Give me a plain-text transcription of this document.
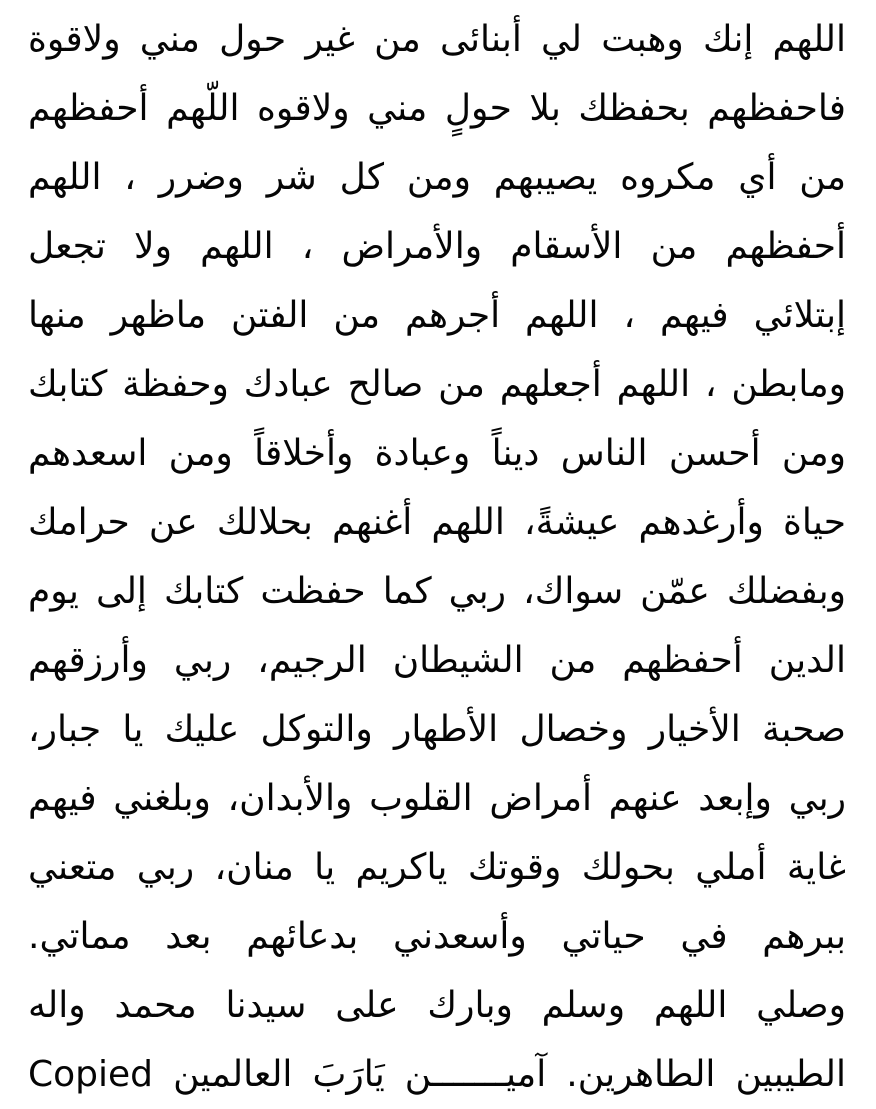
اللهم إنك وهبت لي أبنائى من غير حول مني ولاقوة
فاحفظهم بحفظك بلا حولٍ مني ولاقوه اللّهم أحفظهم
من أي مكروه يصيبهم ومن كل شر وضرر ، اللهم
أحفظهم من الأسقام والأمراض ، اللهم ولا تجعل
إبتلائي فيهم ، اللهم أجرهم من الفتن ماظهر منها
ومابطن ، اللهم أجعلهم من صالح عبادك وحفظة كتابك
ومن أحسن الناس ديناً وعبادة وأخلاقاً ومن اسعدهم
حياة وأرغدهم عيشةً، اللهم أغنهم بحلالك عن حرامك
وبفضلك عمّن سواك، ربي كما حفظت كتابك إلى يوم
الدين أحفظهم من الشيطان الرجيم، ربي وأرزقهم
صحبة الأخيار وخصال الأطهار والتوكل عليك يا جبار،
ربي وإبعد عنهم أمراض القلوب والأبدان، وبلغني فيهم
غاية أملي بحولك وقوتك ياكريم يا منان، ربي متعني
ببرهم في حياتي وأسعدني بدعائهم بعد مماتي.
وصلي اللهم وسلم وبارك على سيدنا محمد واله
الطيبين الطاهرين. آميـــــــن يَارَبَ العالمين Copied
